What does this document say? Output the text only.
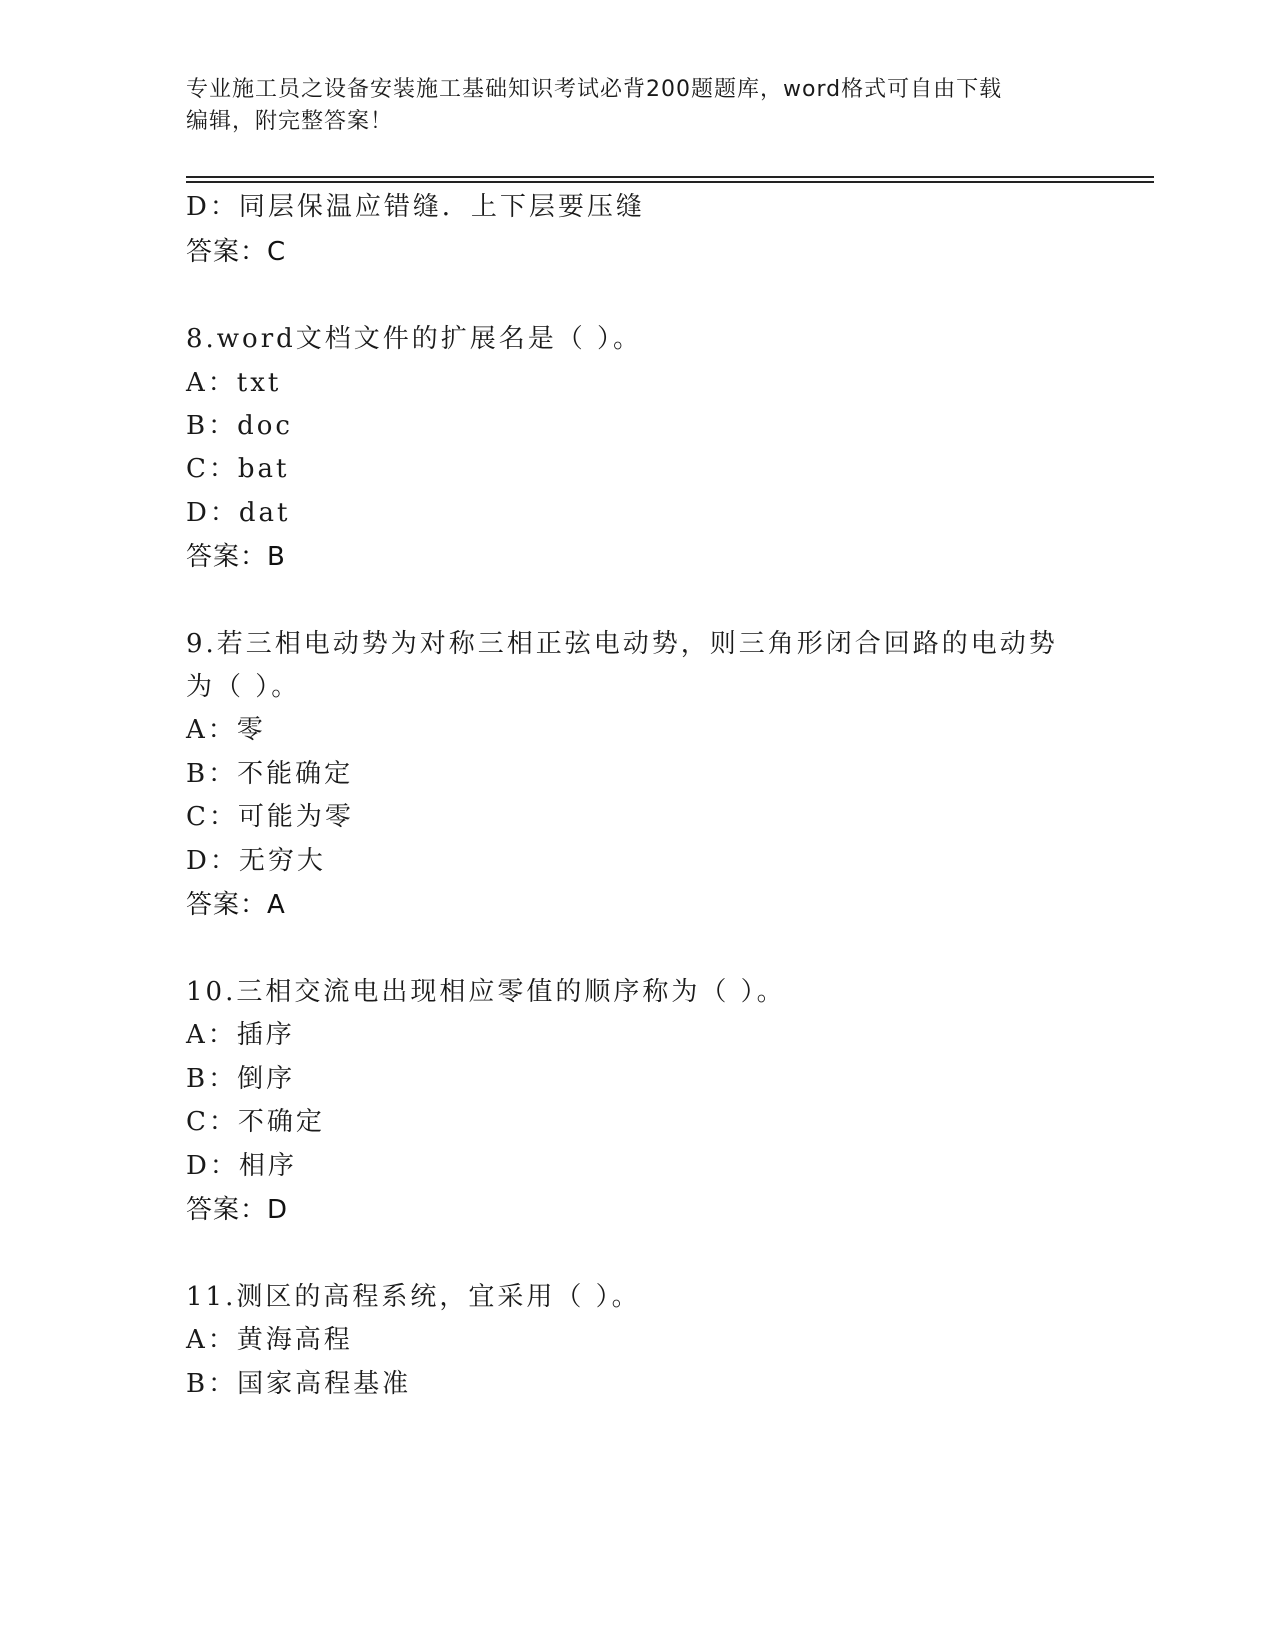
专业施工员之设备安装施工基础知识考试必背200题题库，word格式可自由下载
编辑，附完整答案！
D：同层保温应错缝．上下层要压缝
答案：C
8.word文档文件的扩展名是（ ）。
A：txt
B：doc
C：bat
D：dat
答案：B
9.若三相电动势为对称三相正弦电动势，则三角形闭合回路的电动势
为（ ）。
A：零
B：不能确定
C：可能为零
D：无穷大
答案：A
10.三相交流电出现相应零值的顺序称为（ ）。
A：插序
B：倒序
C：不确定
D：相序
答案：D
11.测区的高程系统，宜采用（ ）。
A：黄海高程
B：国家高程基准
